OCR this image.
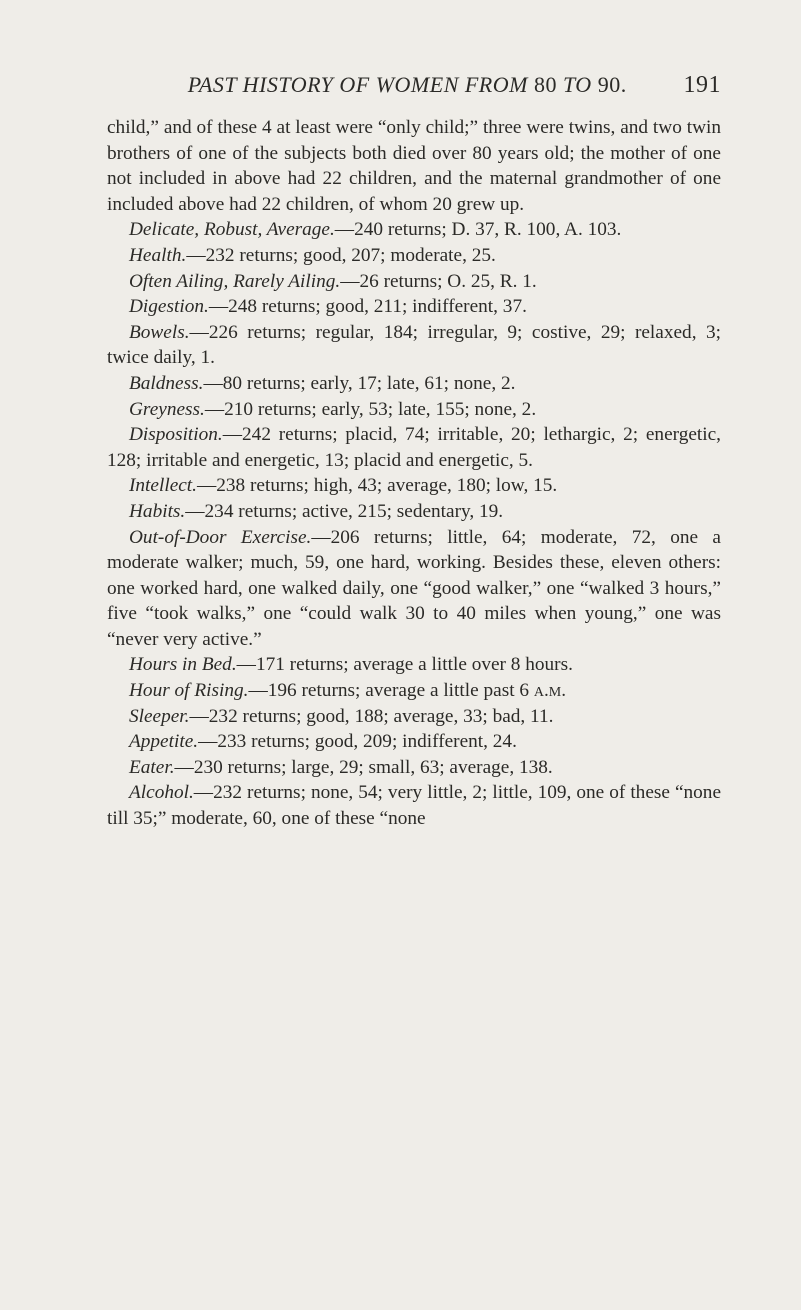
PAST HISTORY OF WOMEN FROM 80 TO 90.	191

child,” and of these 4 at least were “only child;” three were twins, and two twin brothers of one of the subjects both died over 80 years old; the mother of one not included in above had 22 children, and the maternal grandmother of one included above had 22 children, of whom 20 grew up.

Delicate, Robust, Average.—240 returns; D. 37, R. 100, A. 103.

Health.—232 returns; good, 207; moderate, 25.

Often Ailing, Rarely Ailing.—26 returns; O. 25, R. 1.

Digestion.—248 returns; good, 211; indifferent, 37.

Bowels.—226 returns; regular, 184; irregular, 9; costive, 29; relaxed, 3; twice daily, 1.

Baldness.—80 returns; early, 17; late, 61; none, 2.

Greyness.—210 returns; early, 53; late, 155; none, 2.

Disposition.—242 returns; placid, 74; irritable, 20; lethargic, 2; energetic, 128; irritable and energetic, 13; placid and energetic, 5.

Intellect.—238 returns; high, 43; average, 180; low, 15.

Habits.—234 returns; active, 215; sedentary, 19.

Out-of-Door Exercise.—206 returns; little, 64; moderate, 72, one a moderate walker; much, 59, one hard, working. Besides these, eleven others: one worked hard, one walked daily, one “good walker,” one “walked 3 hours,” five “took walks,” one “could walk 30 to 40 miles when young,” one was “never very active.”

Hours in Bed.—171 returns; average a little over 8 hours.

Hour of Rising.—196 returns; average a little past 6 a.m.

Sleeper.—232 returns; good, 188; average, 33; bad, 11.

Appetite.—233 returns; good, 209; indifferent, 24.

Eater.—230 returns; large, 29; small, 63; average, 138.

Alcohol.—232 returns; none, 54; very little, 2; little, 109, one of these “none till 35;” moderate, 60, one of these “none
